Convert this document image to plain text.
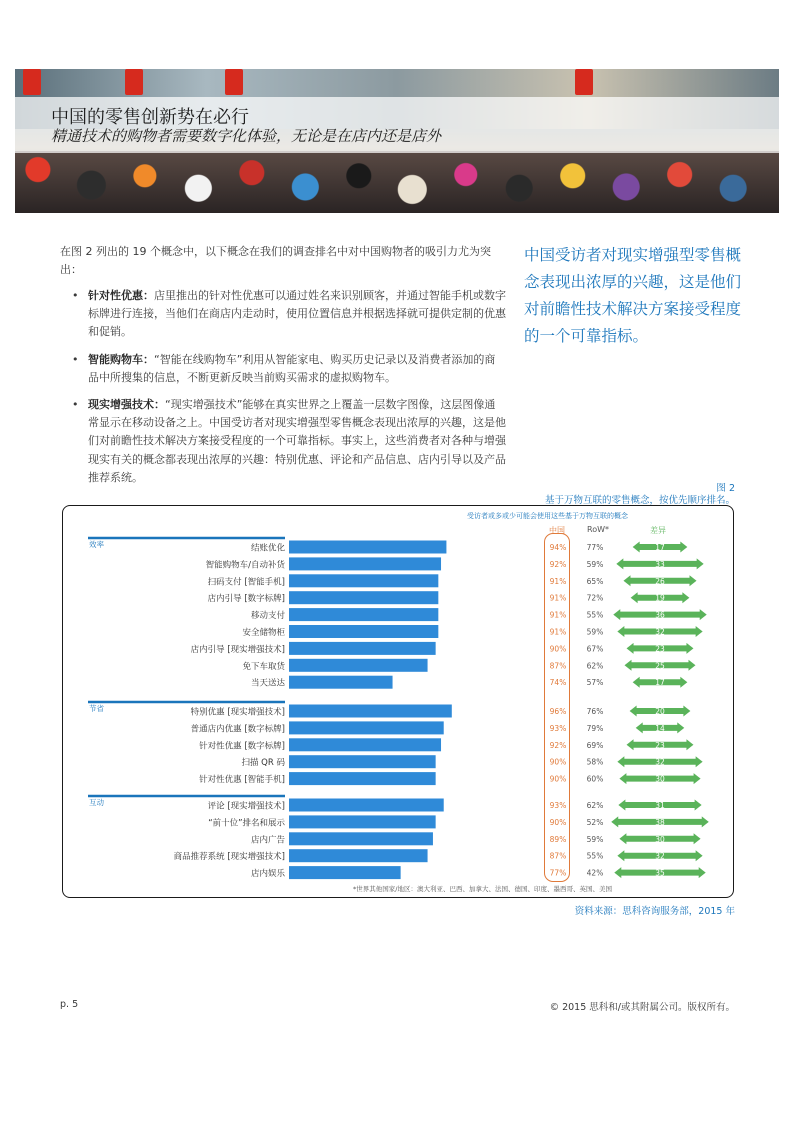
中国的零售创新势在必行
精通技术的购物者需要数字化体验，无论是在店内还是店外

在图 2 列出的 19 个概念中，以下概念在我们的调查排名中对中国购物者的吸引力尤为突出：

• 针对性优惠：店里推出的针对性优惠可以通过姓名来识别顾客，并通过智能手机或数字标牌进行连接，当他们在商店内走动时，使用位置信息并根据选择就可提供定制的优惠和促销。
• 智能购物车：“智能在线购物车”利用从智能家电、购买历史记录以及消费者添加的商品中所搜集的信息，不断更新反映当前购买需求的虚拟购物车。
• 现实增强技术：“现实增强技术”能够在真实世界之上覆盖一层数字图像，这层图像通常显示在移动设备之上。中国受访者对现实增强型零售概念表现出浓厚的兴趣，这是他们对前瞻性技术解决方案接受程度的一个可靠指标。事实上，这些消费者对各种与增强现实有关的概念都表现出浓厚的兴趣：特别优惠、评论和产品信息、店内引导以及产品推荐系统。

中国受访者对现实增强型零售概念表现出浓厚的兴趣，这是他们对前瞻性技术解决方案接受程度的一个可靠指标。

图 2
基于万物互联的零售概念，按优先顺序排名。
受访者或多或少可能会使用这些基于万物互联的概念
中国	RoW*	差异
效率	结账优化	94%	77%	17
智能购物车/自动补货	92%	59%	33
扫码支付 [智能手机]	91%	65%	26
店内引导 [数字标牌]	91%	72%	19
移动支付	91%	55%	36
安全储物柜	91%	59%	32
店内引导 [现实增强技术]	90%	67%	23
免下车取货	87%	62%	25
当天送达	74%	57%	17
节省	特别优惠 [现实增强技术]	96%	76%	20
普通店内优惠 [数字标牌]	93%	79%	14
针对性优惠 [数字标牌]	92%	69%	23
扫描 QR 码	90%	58%	32
针对性优惠 [智能手机]	90%	60%	30
互动	评论 [现实增强技术]	93%	62%	31
“前十位”排名和展示	90%	52%	38
店内广告	89%	59%	30
商品推荐系统 [现实增强技术]	87%	55%	32
店内娱乐	77%	42%	35
*世界其他国家/地区：澳大利亚、巴西、加拿大、法国、德国、印度、墨西哥、英国、美国
资料来源：思科咨询服务部，2015 年
p. 5	© 2015 思科和/或其附属公司。版权所有。
